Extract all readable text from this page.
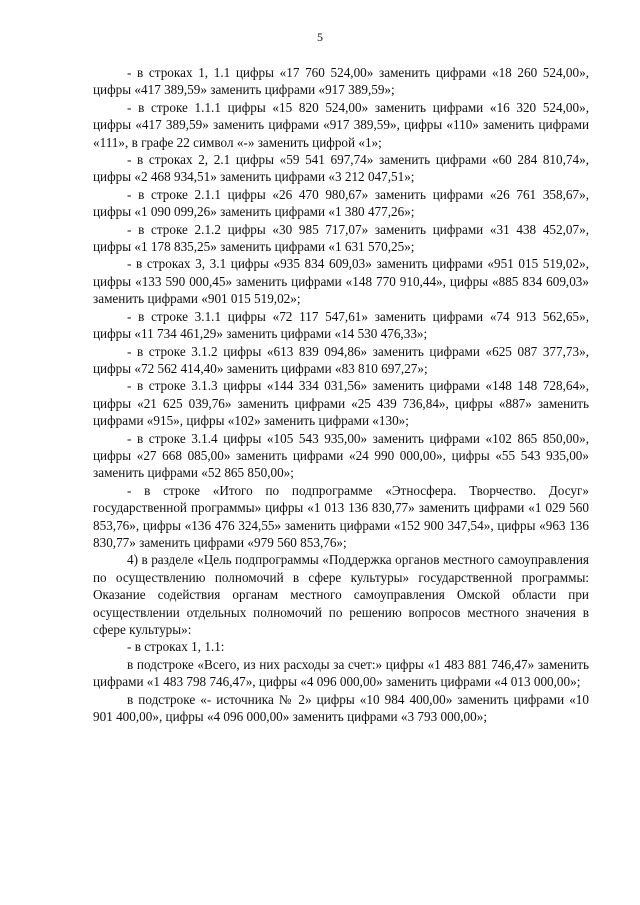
5

- в строках 1, 1.1 цифры «17 760 524,00» заменить цифрами «18 260 524,00», цифры «417 389,59» заменить цифрами «917 389,59»;

- в строке 1.1.1 цифры «15 820 524,00» заменить цифрами «16 320 524,00», цифры «417 389,59» заменить цифрами «917 389,59», цифры «110» заменить цифрами «111», в графе 22 символ «-» заменить цифрой «1»;

- в строках 2, 2.1 цифры «59 541 697,74» заменить цифрами «60 284 810,74», цифры «2 468 934,51» заменить цифрами «3 212 047,51»;

- в строке 2.1.1 цифры «26 470 980,67» заменить цифрами «26 761 358,67», цифры «1 090 099,26» заменить цифрами «1 380 477,26»;

- в строке 2.1.2 цифры «30 985 717,07» заменить цифрами «31 438 452,07», цифры «1 178 835,25» заменить цифрами «1 631 570,25»;

- в строках 3, 3.1 цифры «935 834 609,03» заменить цифрами «951 015 519,02», цифры «133 590 000,45» заменить цифрами «148 770 910,44», цифры «885 834 609,03» заменить цифрами «901 015 519,02»;

- в строке 3.1.1 цифры «72 117 547,61» заменить цифрами «74 913 562,65», цифры «11 734 461,29» заменить цифрами «14 530 476,33»;

- в строке 3.1.2 цифры «613 839 094,86» заменить цифрами «625 087 377,73», цифры «72 562 414,40» заменить цифрами «83 810 697,27»;

- в строке 3.1.3 цифры «144 334 031,56» заменить цифрами «148 148 728,64», цифры «21 625 039,76» заменить цифрами «25 439 736,84», цифры «887» заменить цифрами «915», цифры «102» заменить цифрами «130»;

- в строке 3.1.4 цифры «105 543 935,00» заменить цифрами «102 865 850,00», цифры «27 668 085,00» заменить цифрами «24 990 000,00», цифры «55 543 935,00» заменить цифрами «52 865 850,00»;

- в строке «Итого по подпрограмме «Этносфера. Творчество. Досуг» государственной программы» цифры «1 013 136 830,77» заменить цифрами «1 029 560 853,76», цифры «136 476 324,55» заменить цифрами «152 900 347,54», цифры «963 136 830,77» заменить цифрами «979 560 853,76»;

4) в разделе «Цель подпрограммы «Поддержка органов местного самоуправления по осуществлению полномочий в сфере культуры» государственной программы: Оказание содействия органам местного самоуправления Омской области при осуществлении отдельных полномочий по решению вопросов местного значения в сфере культуры»:

- в строках 1, 1.1:

в подстроке «Всего, из них расходы за счет:» цифры «1 483 881 746,47» заменить цифрами «1 483 798 746,47», цифры «4 096 000,00» заменить цифрами «4 013 000,00»;

в подстроке «- источника № 2» цифры «10 984 400,00» заменить цифрами «10 901 400,00», цифры «4 096 000,00» заменить цифрами «3 793 000,00»;
